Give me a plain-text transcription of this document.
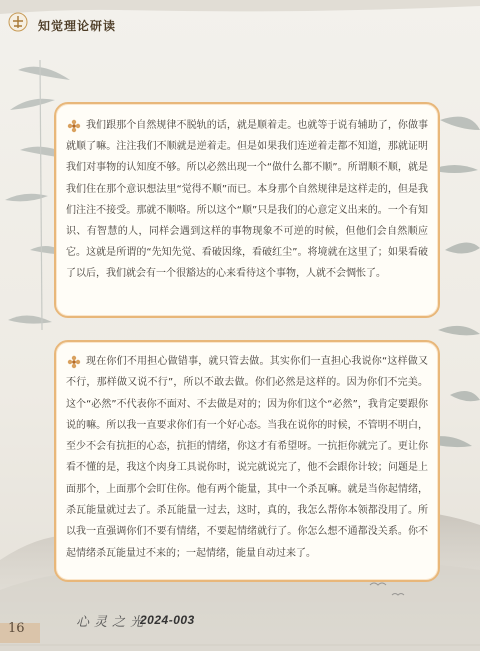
知觉理论研读

我们跟那个自然规律不脱轨的话，就是顺着走。也就等于说有辅助了，你做事就顺了嘛。注注我们不顺就是逆着走。但是如果我们连逆着走都不知道，那就证明我们对事物的认知度不够。所以必然出现一个“做什么都不顺”。所谓顺不顺，就是我们住在那个意识想法里“觉得不顺”而已。本身那个自然规律是这样走的，但是我们注注不接受。那就不顺咯。所以这个“顺”只是我们的心意定义出来的。一个有知识、有智慧的人，同样会遇到这样的事物现象不可逆的时候，但他们会自然顺应它。这就是所谓的“先知先觉、看破因缘，看破红尘”。将境就在这里了；如果看破了以后，我们就会有一个很豁达的心来看待这个事物，人就不会惆怅了。

现在你们不用担心做错事，就只管去做。其实你们一直担心我说你“这样做又不行，那样做又说不行”，所以不敢去做。你们必然是这样的。因为你们不完美。这个“必然”不代表你不面对、不去做是对的；因为你们这个“必然”，我肯定要跟你说的嘛。所以我一直要求你们有一个好心态。当我在说你的时候，不管明不明白，至少不会有抗拒的心态，抗拒的情绪，你这才有希望呀。一抗拒你就完了。更让你看不懂的是，我这个肉身工具说你时，说完就说完了，他不会跟你计较；问题是上面那个，上面那个会盯住你。他有两个能量，其中一个杀瓦嘛。就是当你起情绪，杀瓦能量就过去了。杀瓦能量一过去，这时，真的，我怎么帮你本领都没用了。所以我一直强调你们不要有情绪，不要起情绪就行了。你怎么想不通都没关系。你不起情绪杀瓦能量过不来的；一起情绪，能量自动过来了。

16	心灵之光
2024-003
